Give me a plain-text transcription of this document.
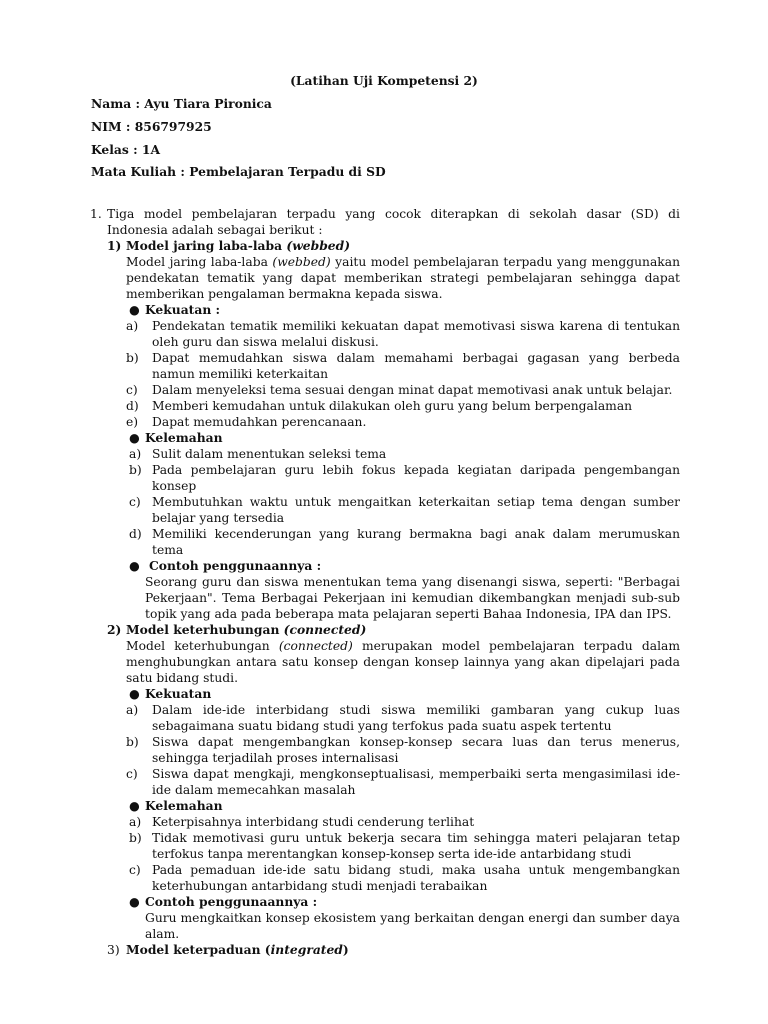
(Latihan Uji Kompetensi 2)
Nama : Ayu Tiara Pironica
NIM : 856797925
Kelas : 1A
Mata Kuliah : Pembelajaran Terpadu di SD
1. Tiga model pembelajaran terpadu yang cocok diterapkan di sekolah dasar (SD) di Indonesia adalah sebagai berikut :
1) Model jaring laba-laba (webbed)
Model jaring laba-laba (webbed) yaitu model pembelajaran terpadu yang menggunakan pendekatan tematik yang dapat memberikan strategi pembelajaran sehingga dapat memberikan pengalaman bermakna kepada siswa.
● Kekuatan :
a) Pendekatan tematik memiliki kekuatan dapat memotivasi siswa karena di tentukan oleh guru dan siswa melalui diskusi.
b) Dapat memudahkan siswa dalam memahami berbagai gagasan yang berbeda namun memiliki keterkaitan
c) Dalam menyeleksi tema sesuai dengan minat dapat memotivasi anak untuk belajar.
d) Memberi kemudahan untuk dilakukan oleh guru yang belum berpengalaman
e) Dapat memudahkan perencanaan.
● Kelemahan
a) Sulit dalam menentukan seleksi tema
b) Pada pembelajaran guru lebih fokus kepada kegiatan daripada pengembangan konsep
c) Membutuhkan waktu untuk mengaitkan keterkaitan setiap tema dengan sumber belajar yang tersedia
d) Memiliki kecenderungan yang kurang bermakna bagi anak dalam merumuskan tema
● Contoh penggunaannya :
Seorang guru dan siswa menentukan tema yang disenangi siswa, seperti: "Berbagai Pekerjaan". Tema Berbagai Pekerjaan ini kemudian dikembangkan menjadi sub-sub topik yang ada pada beberapa mata pelajaran seperti Bahaa Indonesia, IPA dan IPS.
2) Model keterhubungan (connected)
Model keterhubungan (connected) merupakan model pembelajaran terpadu dalam menghubungkan antara satu konsep dengan konsep lainnya yang akan dipelajari pada satu bidang studi.
● Kekuatan
a) Dalam ide-ide interbidang studi siswa memiliki gambaran yang cukup luas sebagaimana suatu bidang studi yang terfokus pada suatu aspek tertentu
b) Siswa dapat mengembangkan konsep-konsep secara luas dan terus menerus, sehingga terjadilah proses internalisasi
c) Siswa dapat mengkaji, mengkonseptualisasi, memperbaiki serta mengasimilasi ide- ide dalam memecahkan masalah
● Kelemahan
a) Keterpisahnya interbidang studi cenderung terlihat
b) Tidak memotivasi guru untuk bekerja secara tim sehingga materi pelajaran tetap terfokus tanpa merentangkan konsep-konsep serta ide-ide antarbidang studi
c) Pada pemaduan ide-ide satu bidang studi, maka usaha untuk mengembangkan keterhubungan antarbidang studi menjadi terabaikan
● Contoh penggunaannya :
Guru mengkaitkan konsep ekosistem yang berkaitan dengan energi dan sumber daya alam.
3) Model keterpaduan (integrated)
